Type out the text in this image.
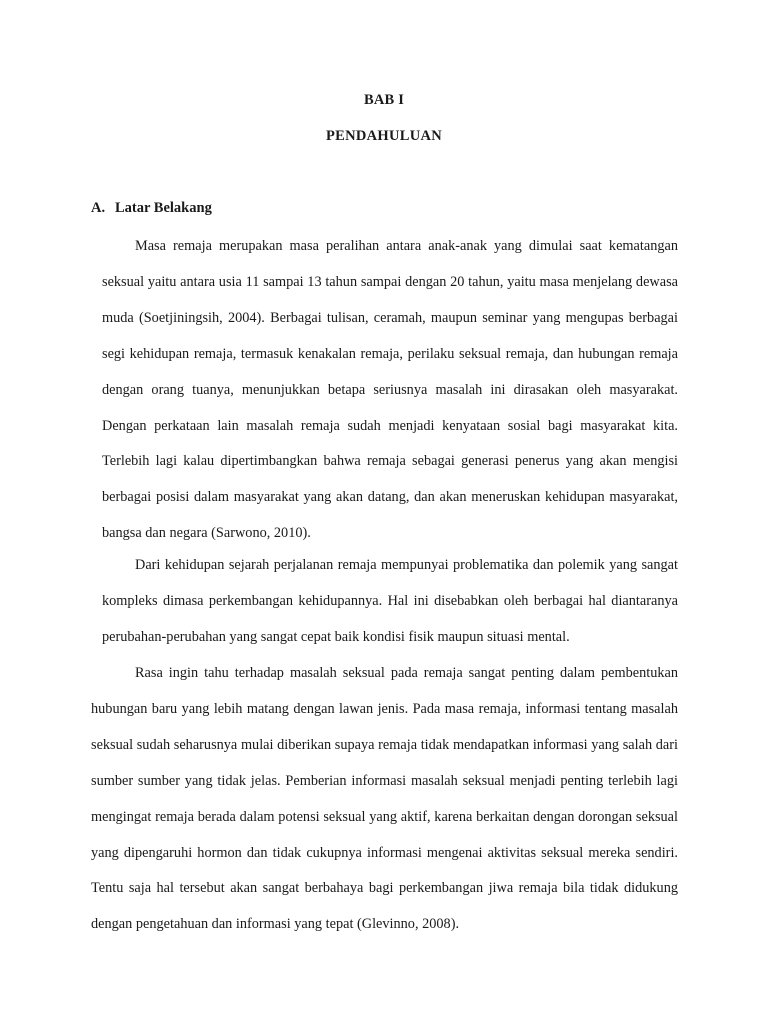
BAB I
PENDAHULUAN
A. Latar Belakang

Masa remaja merupakan masa peralihan antara anak-anak yang dimulai saat kematangan seksual yaitu antara usia 11 sampai 13 tahun sampai dengan 20 tahun, yaitu masa menjelang dewasa muda (Soetjiningsih, 2004). Berbagai tulisan, ceramah, maupun seminar yang mengupas berbagai segi kehidupan remaja, termasuk kenakalan remaja, perilaku seksual remaja, dan hubungan remaja dengan orang tuanya, menunjukkan betapa seriusnya masalah ini dirasakan oleh masyarakat. Dengan perkataan lain masalah remaja sudah menjadi kenyataan sosial bagi masyarakat kita. Terlebih lagi kalau dipertimbangkan bahwa remaja sebagai generasi penerus yang akan mengisi berbagai posisi dalam masyarakat yang akan datang, dan akan meneruskan kehidupan masyarakat, bangsa dan negara (Sarwono, 2010).

Dari kehidupan sejarah perjalanan remaja mempunyai problematika dan polemik yang sangat kompleks dimasa perkembangan kehidupannya. Hal ini disebabkan oleh berbagai hal diantaranya perubahan-perubahan yang sangat cepat baik kondisi fisik maupun situasi mental.

Rasa ingin tahu terhadap masalah seksual pada remaja sangat penting dalam pembentukan hubungan baru yang lebih matang dengan lawan jenis. Pada masa remaja, informasi tentang masalah seksual sudah seharusnya mulai diberikan supaya remaja tidak mendapatkan informasi yang salah dari sumber sumber yang tidak jelas. Pemberian informasi masalah seksual menjadi penting terlebih lagi mengingat remaja berada dalam potensi seksual yang aktif, karena berkaitan dengan dorongan seksual yang dipengaruhi hormon dan tidak cukupnya informasi mengenai aktivitas seksual mereka sendiri. Tentu saja hal tersebut akan sangat berbahaya bagi perkembangan jiwa remaja bila tidak didukung dengan pengetahuan dan informasi yang tepat (Glevinno, 2008).
